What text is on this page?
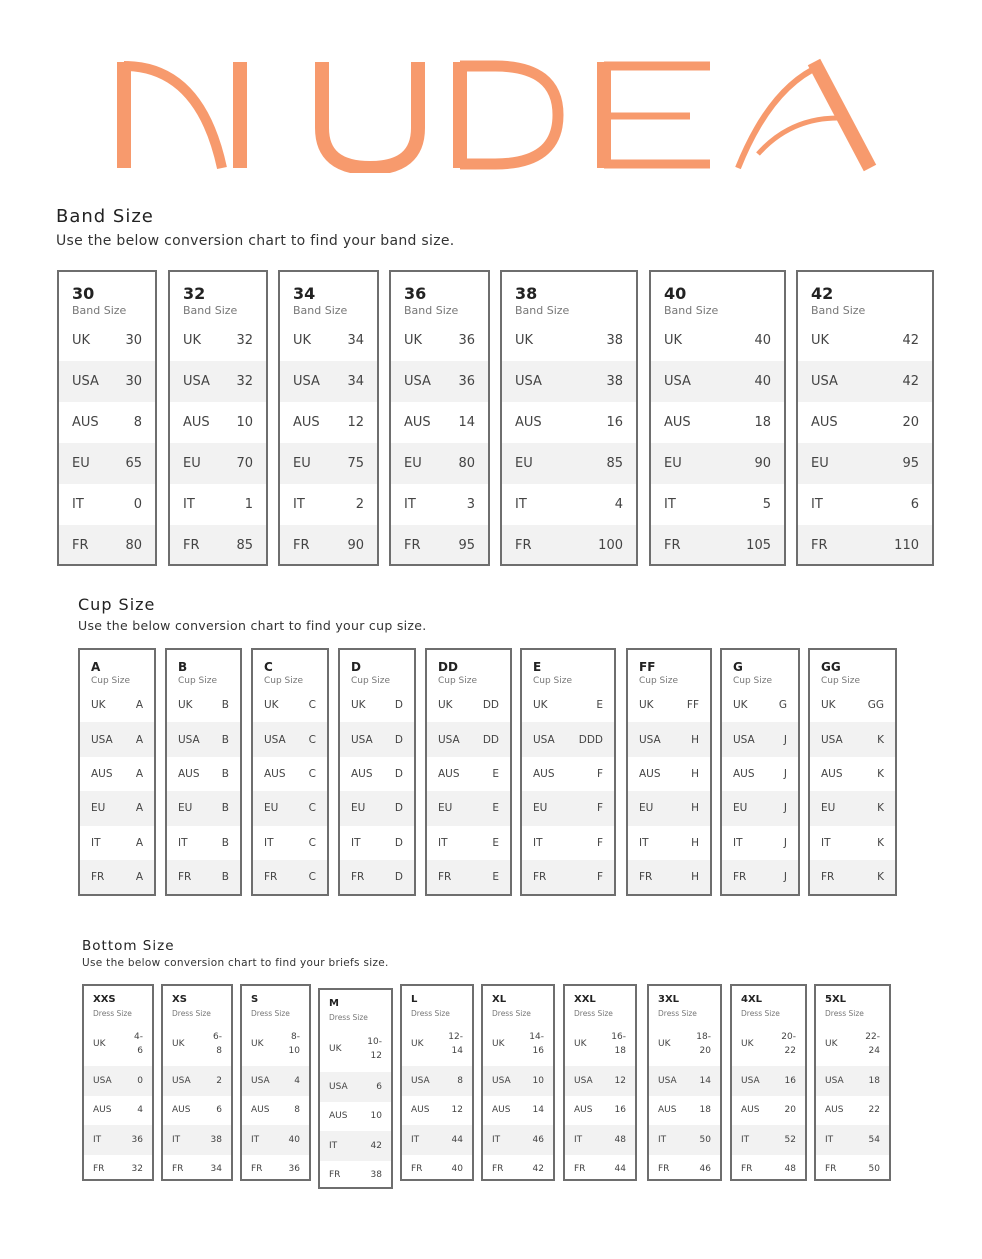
NUDEA
Band Size
Use the below conversion chart to find your band size.
30
Band Size
UK	30
USA 30
AUS	8
EU	65
IT	0
FR	80
32
Band Size
UK	32
USA 32
AUS 10
EU	70
IT	1
FR	85
34
Band Size
UK	34
USA 34
AUS 12
EU	75
IT	2
FR	90
36
Band Size
UK	36
USA 36
AUS 14
EU	80
IT	3
FR	95
38
Band Size
UK	38
USA	38
AUS	16
EU	85
IT	4
FR	100
40
Band Size
UK	40
USA	40
AUS	18
EU	90
IT	5
FR	105
42
Band Size
UK	42
USA	42
AUS	20
EU	95
IT	6
FR	110
Cup Size
Use the below conversion chart to find your cup size.
A
Cup Size
UK	A
USA A
AUS A
EU	A
IT	A
FR	A
B
Cup Size
UK	B
USA B
AUS B
EU	B
IT	B
FR	B
C
Cup Size
UK	C
USA C
AUS C
EU	C
IT	C
FR	C
D
Cup Size
UK	D
USA D
AUS D
EU	D
IT	D
FR	D
DD
Cup Size
UK	DD
USA DD
AUS	E
EU	E
IT	E
FR	E
E
Cup Size
UK	E
USA DDD
AUS	F
EU	F
IT	F
FR	F
FF
Cup Size
UK	FF
USA	H
AUS	H
EU	H
IT	H
FR	H
G
Cup Size
UK	G
USA	J
AUS	J
EU	J
IT	J
FR	J
GG
Cup Size
UK	GG
USA	K
AUS	K
EU	K
IT	K
FR	K
Bottom Size
Use the below conversion chart to find your briefs size.
XXS
Dress Size
UK
4-
6
USA	0
AUS	4
IT	36
FR	32
XS
Dress Size
UK
6-
8
USA	2
AUS	6
IT	38
FR	34
S
Dress Size
UK
8-
10
USA	4
AUS	8
IT	40
FR	36
M
Dress Size
UK
10-
12
USA	6
AUS	10
IT	42
FR	38
L
Dress Size
UK
12-
14
USA	8
AUS	12
IT	44
FR	40
XL
Dress Size
UK
14-
16
USA	10
AUS	14
IT	46
FR	42
XXL
Dress Size
UK
16-
18
USA	12
AUS	16
IT	48
FR	44
3XL
Dress Size
UK
18-
20
USA	14
AUS	18
IT	50
FR	46
4XL
Dress Size
UK
20-
22
USA	16
AUS	20
IT	52
FR	48
5XL
Dress Size
UK
22-
24
USA	18
AUS	22
IT	54
FR	50
